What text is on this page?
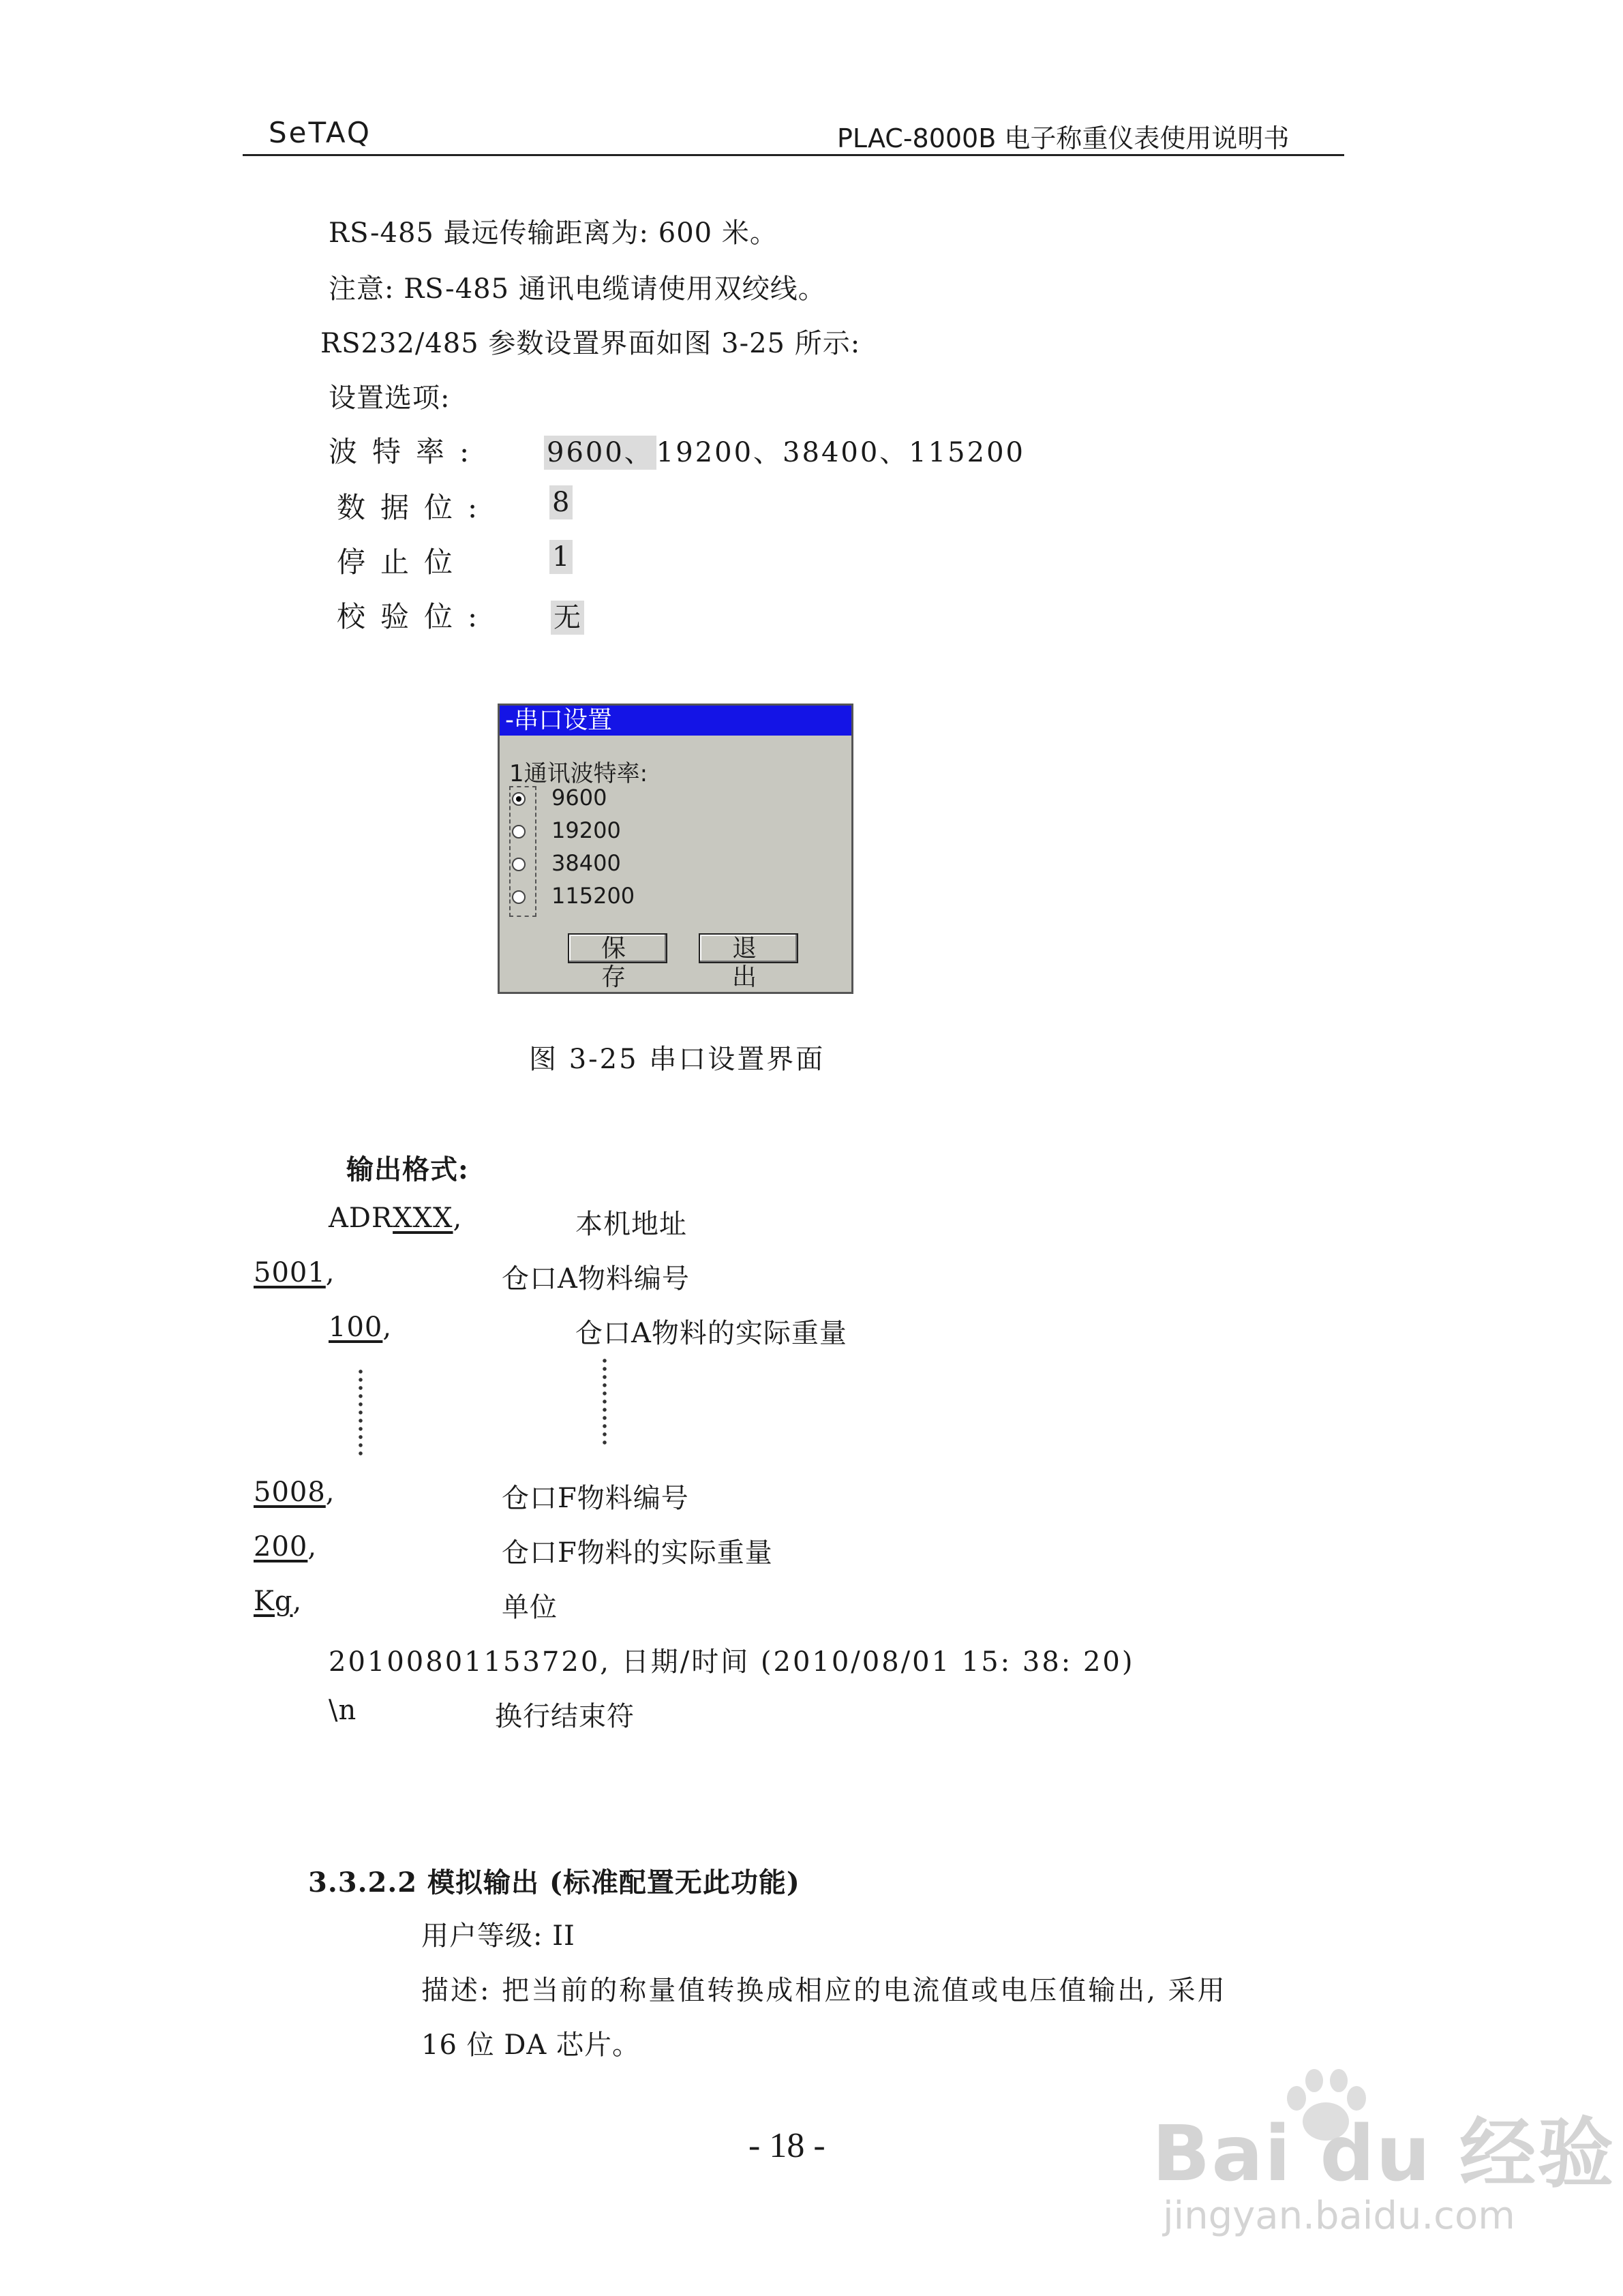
SeTAQ	PLAC-8000B 电子称重仪表使用说明书
RS-485 最远传输距离为: 600 米。
注意: RS-485 通讯电缆请使用双绞线。
RS232/485 参数设置界面如图 3-25 所示:
设置选项:
波特率: 9600、 19200、38400、115200
数据位: 8
停止位	1
校验位: 无
-串口设置
1通讯波特率:
9600
19200
38400
115200
保 存
退 出
图 3-25 串口设置界面
输出格式:
ADRXXX,	本机地址
5001,	仓口A物料编号
100,	仓口A物料的实际重量
5008,	仓口F物料编号
200,	仓口F物料的实际重量
Kg,	单位
20100801153720, 日期/时间 (2010/08/01 15: 38: 20)
\n	换行结束符
3.3.2.2 模拟输出 (标准配置无此功能)
用户等级: II
描述: 把当前的称量值转换成相应的电流值或电压值输出, 采用
16 位 DA 芯片。
- 18 -	Bai du 经验
jingyan.baidu.com
